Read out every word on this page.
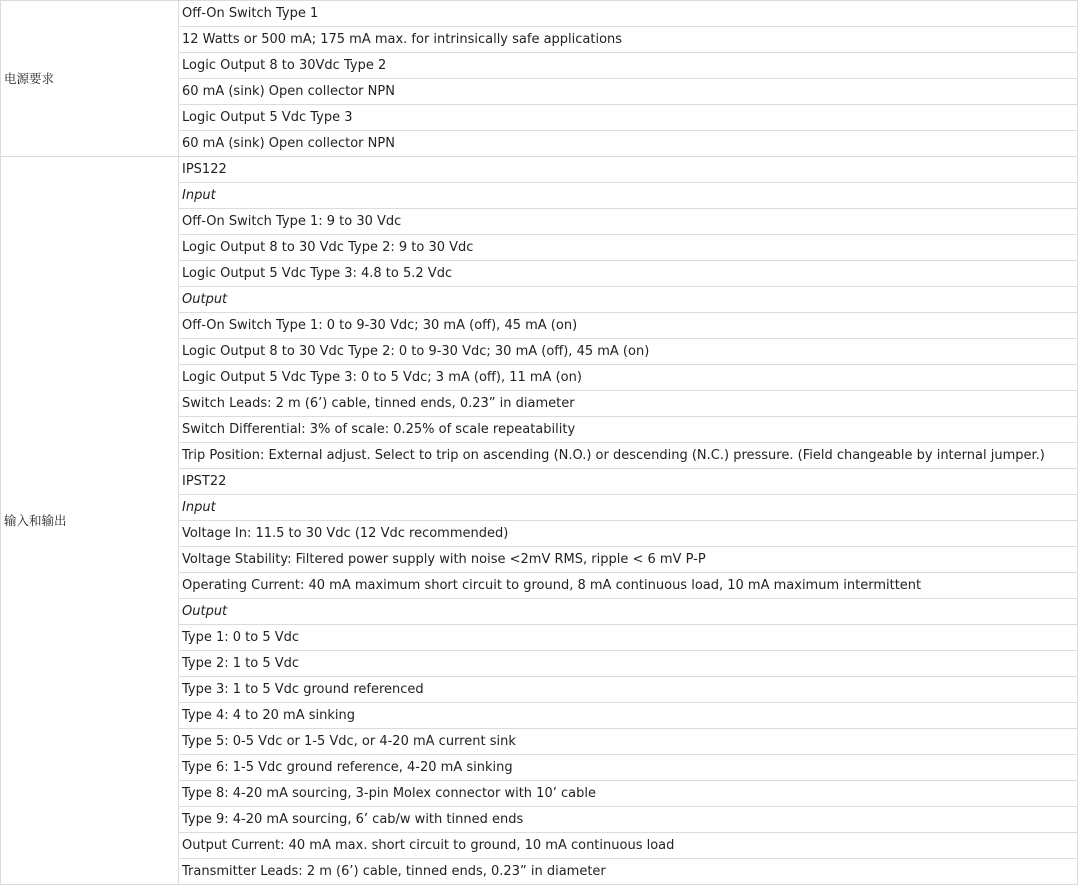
电源要求	Off-On Switch Type 1
	12 Watts or 500 mA; 175 mA max. for intrinsically safe applications
	Logic Output 8 to 30Vdc Type 2
	60 mA (sink) Open collector NPN
	Logic Output 5 Vdc Type 3
	60 mA (sink) Open collector NPN
输入和输出	IPS122
	Input
	Off-On Switch Type 1: 9 to 30 Vdc
	Logic Output 8 to 30 Vdc Type 2: 9 to 30 Vdc
	Logic Output 5 Vdc Type 3: 4.8 to 5.2 Vdc
	Output
	Off-On Switch Type 1: 0 to 9-30 Vdc; 30 mA (off), 45 mA (on)
	Logic Output 8 to 30 Vdc Type 2: 0 to 9-30 Vdc; 30 mA (off), 45 mA (on)
	Logic Output 5 Vdc Type 3: 0 to 5 Vdc; 3 mA (off), 11 mA (on)
	Switch Leads: 2 m (6’) cable, tinned ends, 0.23” in diameter
	Switch Differential: 3% of scale: 0.25% of scale repeatability
	Trip Position: External adjust. Select to trip on ascending (N.O.) or descending (N.C.) pressure. (Field changeable by internal jumper.)
	IPST22
	Input
	Voltage In: 11.5 to 30 Vdc (12 Vdc recommended)
	Voltage Stability: Filtered power supply with noise <2mV RMS, ripple < 6 mV P-P
	Operating Current: 40 mA maximum short circuit to ground, 8 mA continuous load, 10 mA maximum intermittent
	Output
	Type 1: 0 to 5 Vdc
	Type 2: 1 to 5 Vdc
	Type 3: 1 to 5 Vdc ground referenced
	Type 4: 4 to 20 mA sinking
	Type 5: 0-5 Vdc or 1-5 Vdc, or 4-20 mA current sink
	Type 6: 1-5 Vdc ground reference, 4-20 mA sinking
	Type 8: 4-20 mA sourcing, 3-pin Molex connector with 10’ cable
	Type 9: 4-20 mA sourcing, 6’ cab/w with tinned ends
	Output Current: 40 mA max. short circuit to ground, 10 mA continuous load
	Transmitter Leads: 2 m (6’) cable, tinned ends, 0.23” in diameter
